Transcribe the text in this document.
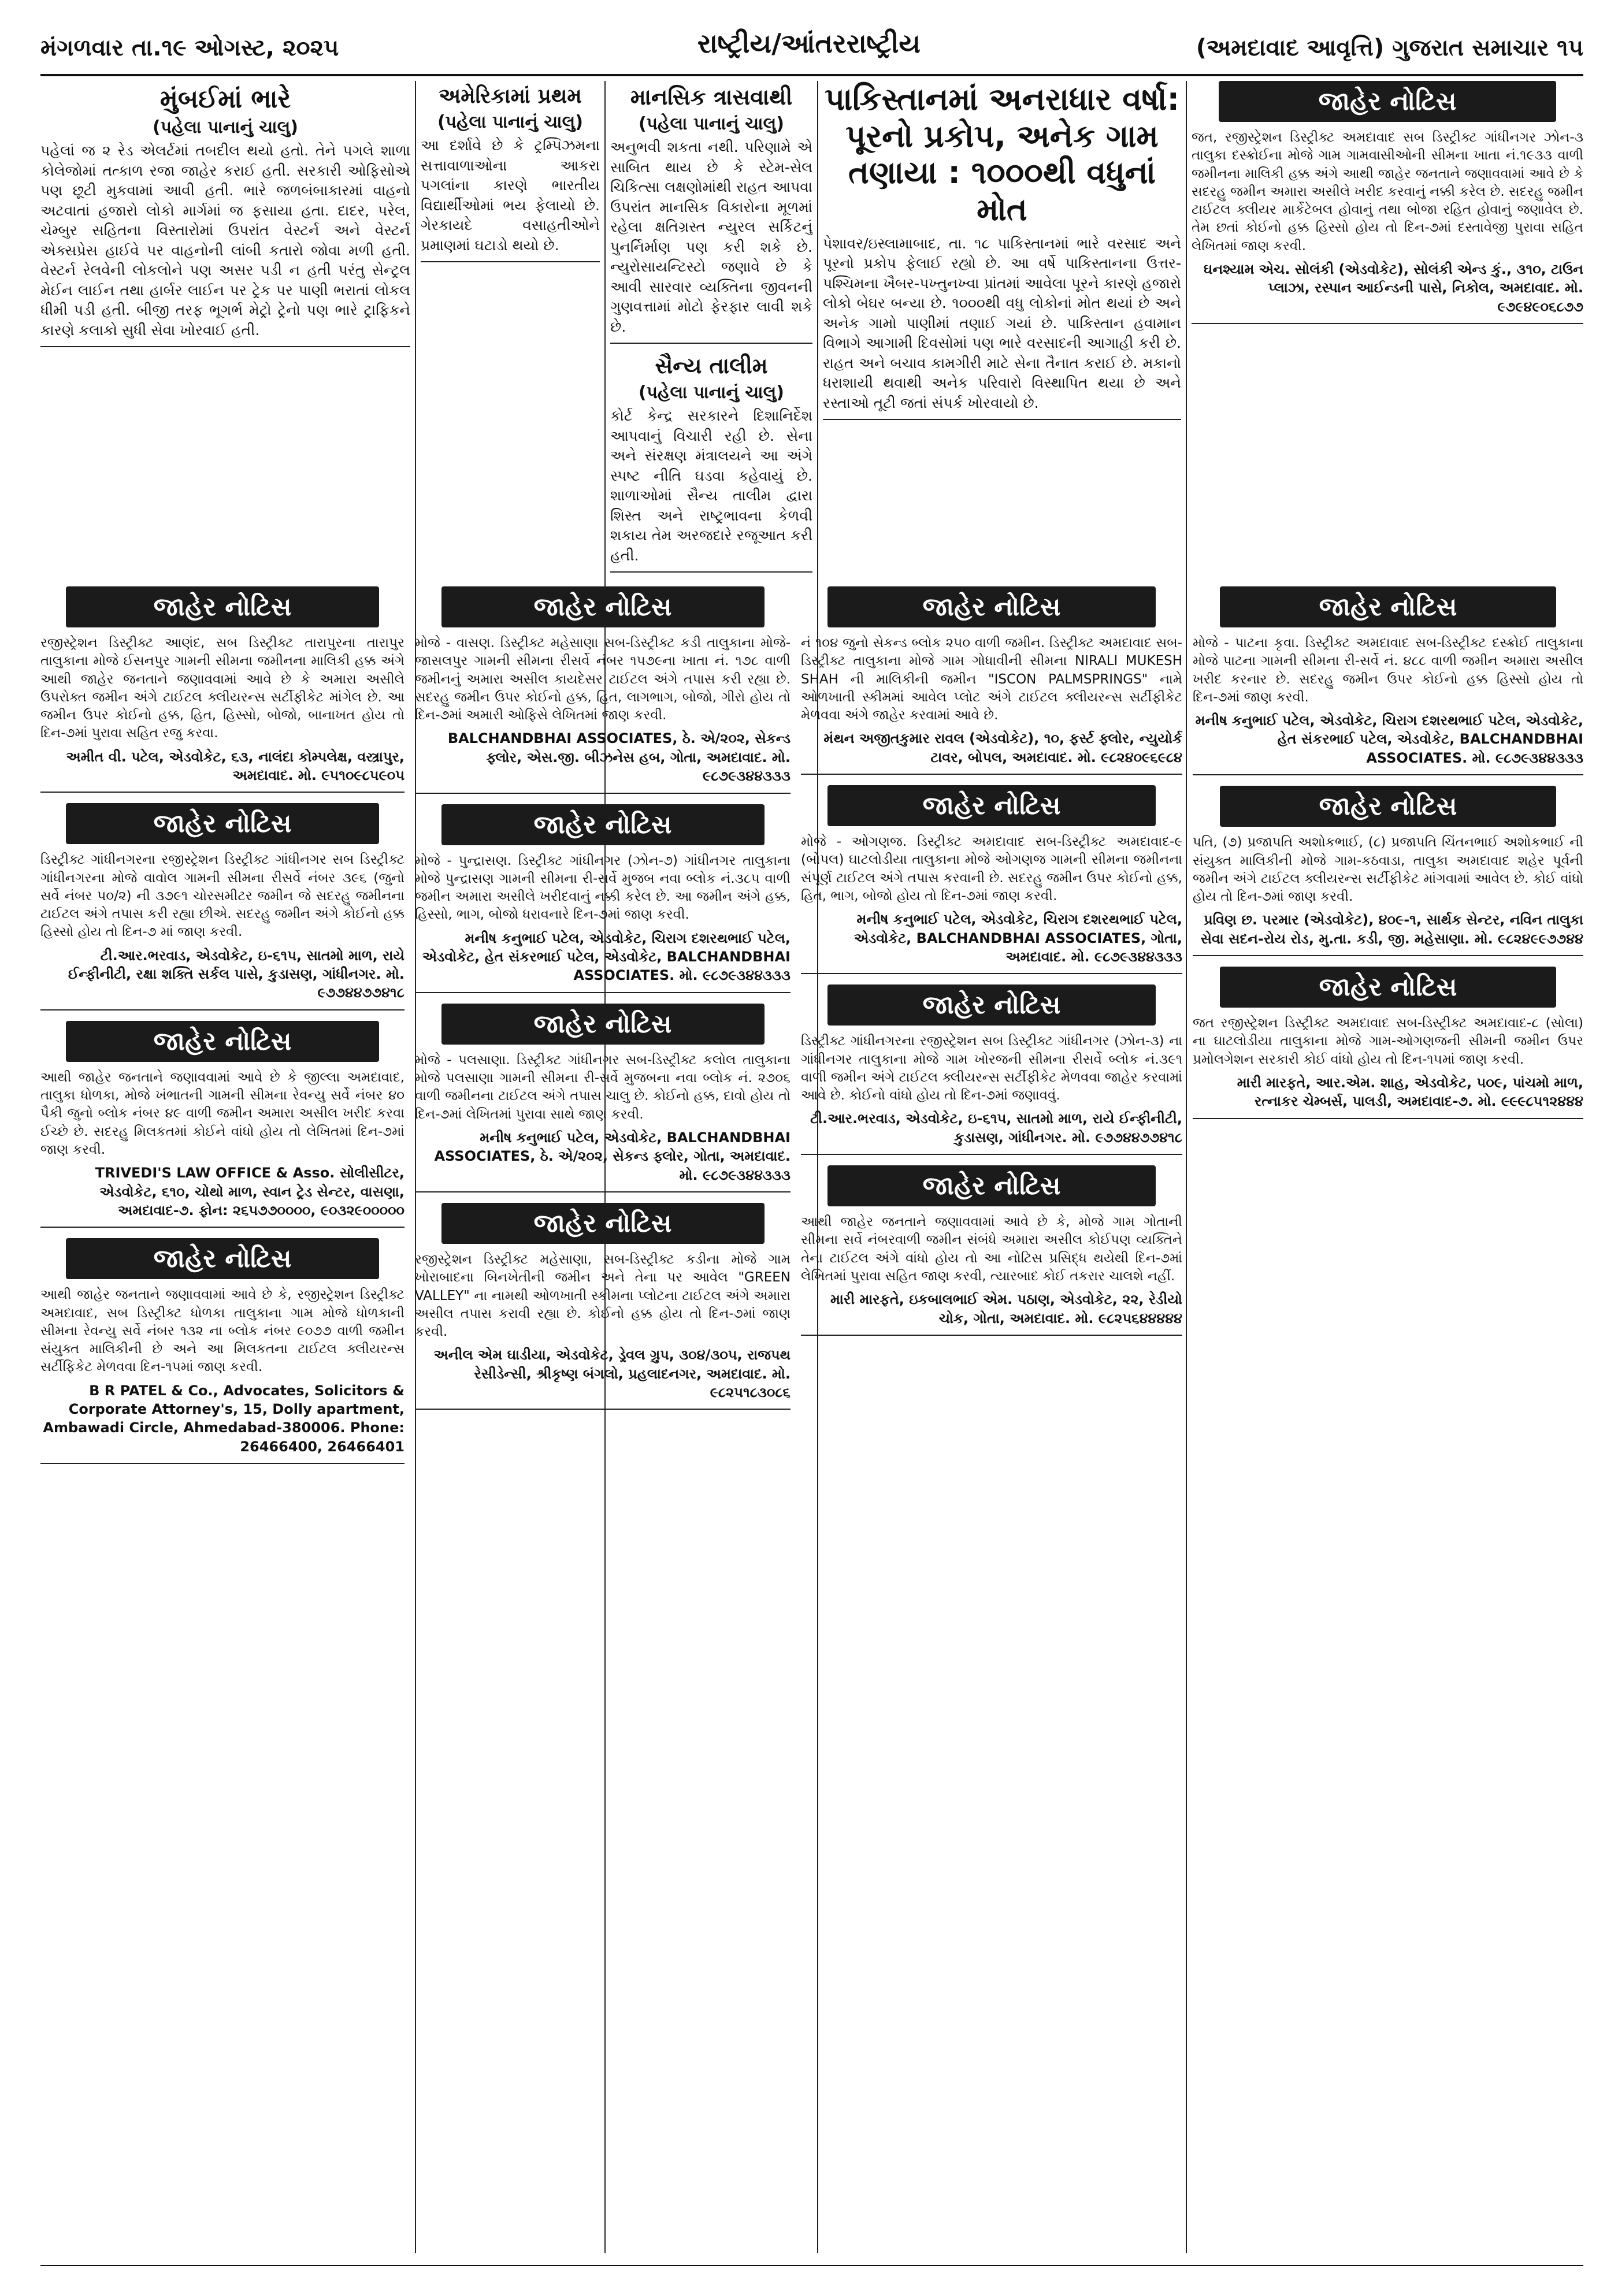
મંગળવાર તા.૧૯ ઓગસ્ટ, ૨૦૨૫	રાષ્ટ્રીય/આંતરરાષ્ટ્રીય	(અમદાવાદ આવૃત્તિ) ગુજરાત સમાચાર ૧૫
મુંબઈમાં ભારે
(પહેલા પાનાનું ચાલુ)
પહેલાં જ ૨ રેડ એલર્ટમાં તબદીલ થયો હતો. તેને પગલે શાળા કોલેજોમાં તત્કાળ રજા જાહેર કરાઈ હતી. સરકારી ઓફિસોએ પણ છૂટી મુકવામાં આવી હતી. ભારે જળબંબાકારમાં વાહનો અટવાતાં હજારો લોકો માર્ગમાં જ ફસાયા હતા. દાદર, પરેલ, ચેમ્બુર સહિતના વિસ્તારોમાં ઉપરાંત વેસ્ટર્ન અને વેસ્ટર્ન એક્સપ્રેસ હાઈવે પર વાહનોની લાંબી કતારો જોવા મળી હતી. વેસ્ટર્ન રેલવેની લોકલોને પણ અસર પડી ન હતી પરંતુ સેન્ટ્રલ મેઈન લાઈન તથા હાર્બર લાઈન પર ટ્રેક પર પાણી ભરાતાં લોકલ ધીમી પડી હતી. બીજી તરફ ભૂગર્ભ મેટ્રો ટ્રેનો પણ ભારે ટ્રાફિકને કારણે કલાકો સુધી સેવા ખોરવાઈ હતી.
અમેરિકામાં પ્રથમ
(પહેલા પાનાનું ચાલુ)
આ દર્શાવે છે કે ટ્રમ્પિઝમના સત્તાવાળાઓના આકરા પગલાંના કારણે ભારતીય વિદ્યાર્થીઓમાં ભય ફેલાયો છે. ગેરકાયદે વસાહતીઓને પ્રમાણમાં ઘટાડો થયો છે.
માનસિક ત્રાસવાથી
(પહેલા પાનાનું ચાલુ)
અનુભવી શકતા નથી. પરિણામે એ સાબિત થાય છે કે સ્ટેમ-સેલ ચિકિત્સા લક્ષણોમાંથી રાહત આપવા ઉપરાંત માનસિક વિકારોના મૂળમાં રહેલા ક્ષતિગ્રસ્ત ન્યુરલ સર્કિટનું પુનર્નિર્માણ પણ કરી શકે છે. ન્યુરોસાયન્ટિસ્ટો જણાવે છે કે આવી સારવાર વ્યક્તિના જીવનની ગુણવત્તામાં મોટો ફેરફાર લાવી શકે છે.
સૈન્ય તાલીમ
(પહેલા પાનાનું ચાલુ)
કોર્ટ કેન્દ્ર સરકારને દિશાનિર્દેશ આપવાનું વિચારી રહી છે. સેના અને સંરક્ષણ મંત્રાલયને આ અંગે સ્પષ્ટ નીતિ ઘડવા કહેવાયું છે. શાળાઓમાં સૈન્ય તાલીમ દ્વારા શિસ્ત અને રાષ્ટ્રભાવના કેળવી શકાય તેમ અરજદારે રજૂઆત કરી હતી.
પાકિસ્તાનમાં અનરાધાર વર્ષા: પૂરનો પ્રકોપ, અનેક ગામ તણાયા : ૧૦૦૦થી વધુનાં મોત
પેશાવર/ઇસ્લામાબાદ, તા. ૧૮ પાકિસ્તાનમાં ભારે વરસાદ અને પૂરનો પ્રકોપ ફેલાઈ રહ્યો છે. આ વર્ષે પાકિસ્તાનના ઉત્તર-પશ્ચિમના ખૈબર-પખ્તુનખ્વા પ્રાંતમાં આવેલા પૂરને કારણે હજારો લોકો બેઘર બન્યા છે. ૧૦૦૦થી વધુ લોકોનાં મોત થયાં છે અને અનેક ગામો પાણીમાં તણાઈ ગયાં છે. પાકિસ્તાન હવામાન વિભાગે આગામી દિવસોમાં પણ ભારે વરસાદની આગાહી કરી છે. રાહત અને બચાવ કામગીરી માટે સેના તૈનાત કરાઈ છે. મકાનો ધરાશાયી થવાથી અનેક પરિવારો વિસ્થાપિત થયા છે અને રસ્તાઓ તૂટી જતાં સંપર્ક ખોરવાયો છે.
જાહેર નોટિસ
જત, રજીસ્ટ્રેશન ડિસ્ટ્રીક્ટ અમદાવાદ સબ ડિસ્ટ્રીક્ટ ગાંધીનગર ઝોન-૩ તાલુકા દસ્ક્રોઈના મોજે ગામ ગામવાસીઓની સીમના ખાતા નં.૧૯૩૩ વાળી જમીનના માલિકી હક્ક અંગે આથી જાહેર જનતાને જણાવવામાં આવે છે કે સદરહુ જમીન અમારા અસીલે ખરીદ કરવાનું નક્કી કરેલ છે. સદરહુ જમીન ટાઈટલ ક્લીયર માર્કેટેબલ હોવાનું તથા બોજા રહિત હોવાનું જણાવેલ છે. તેમ છતાં કોઈનો હક્ક હિસ્સો હોય તો દિન-૭માં દસ્તાવેજી પુરાવા સહિત લેખિતમાં જાણ કરવી.
ઘનશ્યામ એચ. સોલંકી (એડવોકેટ), સોલંકી એન્ડ કું., ૩૧૦, ટાઉન પ્લાઝા, રસ્પાન આઈન્ડની પાસે, નિકોલ, અમદાવાદ. મો. ૯૭૯૪૯૦૬૮૭૭
જાહેર નોટિસ
રજીસ્ટ્રેશન ડિસ્ટ્રીક્ટ આણંદ, સબ ડિસ્ટ્રીક્ટ તારાપુરના તારાપુર તાલુકાના મોજે ઈસનપુર ગામની સીમના જમીનના માલિકી હક્ક અંગે આથી જાહેર જનતાને જણાવવામાં આવે છે કે અમારા અસીલે ઉપરોક્ત જમીન અંગે ટાઈટલ ક્લીયરન્સ સર્ટીફીકેટ માંગેલ છે. આ જમીન ઉપર કોઈનો હક્ક, હિત, હિસ્સો, બોજો, બાનાખત હોય તો દિન-૭માં પુરાવા સહિત રજુ કરવા.
અમીત વી. પટેલ, એડવોકેટ, ૬૩, નાલંદા કોમ્પલેક્ષ, વસ્ત્રાપુર, અમદાવાદ. મો. ૯૫૧૦૯૮૫૯૦૫
જાહેર નોટિસ
ડિસ્ટ્રીક્ટ ગાંધીનગરના રજીસ્ટ્રેશન ડિસ્ટ્રીક્ટ ગાંધીનગર સબ ડિસ્ટ્રીક્ટ ગાંધીનગરના મોજે વાવોલ ગામની સીમના રીસર્વે નંબર ૩૯૬ (જુનો સર્વે નંબર ૫૦/૨) ની ૩૭૯૧ ચોરસમીટર જમીન જે સદરહુ જમીનના ટાઈટલ અંગે તપાસ કરી રહ્યા છીએ. સદરહુ જમીન અંગે કોઈનો હક્ક હિસ્સો હોય તો દિન-૭ માં જાણ કરવી.
ટી.આર.ભરવાડ, એડવોકેટ, ઇ-૬૧૫, સાતમો માળ, રાયે ઈન્ફીનીટી, રક્ષા શક્તિ સર્કલ પાસે, કુડાસણ, ગાંધીનગર. મો. ૯૭૭૪૪૭૭૪૧૮
જાહેર નોટિસ
આથી જાહેર જનતાને જણાવવામાં આવે છે કે જીલ્લા અમદાવાદ, તાલુકા ધોળકા, મોજે ખંભાતની ગામની સીમના રેવન્યુ સર્વે નંબર ૪૦ પૈકી જુનો બ્લોક નંબર ૪૯ વાળી જમીન અમારા અસીલ ખરીદ કરવા ઈચ્છે છે. સદરહુ મિલકતમાં કોઈને વાંધો હોય તો લેખિતમાં દિન-૭માં જાણ કરવી.
TRIVEDI'S LAW OFFICE & Asso. સોલીસીટર, એડવોકેટ, ૬૧૦, ચોથો માળ, સ્વાન ટ્રેડ સેન્ટર, વાસણા, અમદાવાદ-૭. ફોન: ૨૬૫૭૭૦૦૦૦, ૯૦૩૨૯૦૦૦૦૦
જાહેર નોટિસ
આથી જાહેર જનતાને જણાવવામાં આવે છે કે, રજીસ્ટ્રેશન ડિસ્ટ્રીક્ટ અમદાવાદ, સબ ડિસ્ટ્રીક્ટ ધોળકા તાલુકાના ગામ મોજે ધોળકાની સીમના રેવન્યુ સર્વે નંબર ૧૩૨ ના બ્લોક નંબર ૯૦૭૭ વાળી જમીન સંયુક્ત માલિકીની છે અને આ મિલકતના ટાઈટલ ક્લીયરન્સ સર્ટીફિકેટ મેળવવા દિન-૧૫માં જાણ કરવી.
B R PATEL & Co., Advocates, Solicitors & Corporate Attorney's, 15, Dolly apartment, Ambawadi Circle, Ahmedabad-380006. Phone: 26466400, 26466401
જાહેર નોટિસ
મોજે - વાસણ. ડિસ્ટ્રીક્ટ મહેસાણા સબ-ડિસ્ટ્રીક્ટ કડી તાલુકાના મોજે-જાસલપુર ગામની સીમના રીસર્વે નંબર ૧૫૭૯ના ખાતા નં. ૧૭૮ વાળી જમીનનું અમારા અસીલ કાયદેસર ટાઈટલ અંગે તપાસ કરી રહ્યા છે. સદરહુ જમીન ઉપર કોઈનો હક્ક, હિત, લાગભાગ, બોજો, ગીરો હોય તો દિન-૭માં અમારી ઓફિસે લેખિતમાં જાણ કરવી.
BALCHANDBHAI ASSOCIATES, ઠે. એ/૨૦૨, સેકન્ડ ફ્લોર, એસ.જી. બીઝનેસ હબ, ગોતા, અમદાવાદ. મો. ૯૮૭૯૩૪૪૩૩૩
જાહેર નોટિસ
મોજે - પુન્દ્રાસણ. ડિસ્ટ્રીક્ટ ગાંધીનગર (ઝોન-૭) ગાંધીનગર તાલુકાના મોજે પુન્દ્રાસણ ગામની સીમના રી-સર્વે મુજબ નવા બ્લોક નં.૩૮૫ વાળી જમીન અમારા અસીલે ખરીદવાનું નક્કી કરેલ છે. આ જમીન અંગે હક્ક, હિસ્સો, ભાગ, બોજો ધરાવનારે દિન-૭માં જાણ કરવી.
મનીષ કનુભાઈ પટેલ, એડવોકેટ, ચિરાગ દશરથભાઈ પટેલ, એડવોકેટ, હેત સંકરભાઈ પટેલ, એડવોકેટ, BALCHANDBHAI ASSOCIATES. મો. ૯૮૭૯૩૪૪૩૩૩
જાહેર નોટિસ
મોજે - પલસાણા. ડિસ્ટ્રીક્ટ ગાંધીનગર સબ-ડિસ્ટ્રીક્ટ કલોલ તાલુકાના મોજે પલસાણા ગામની સીમના રી-સર્વે મુજબના નવા બ્લોક નં. ૨૭૦૬ વાળી જમીનના ટાઈટલ અંગે તપાસ ચાલુ છે. કોઈનો હક્ક, દાવો હોય તો દિન-૭માં લેખિતમાં પુરાવા સાથે જાણ કરવી.
મનીષ કનુભાઈ પટેલ, એડવોકેટ, BALCHANDBHAI ASSOCIATES, ઠે. એ/૨૦૨, સેકન્ડ ફ્લોર, ગોતા, અમદાવાદ. મો. ૯૮૭૯૩૪૪૩૩૩
જાહેર નોટિસ
રજીસ્ટ્રેશન ડિસ્ટ્રીક્ટ મહેસાણા, સબ-ડિસ્ટ્રીક્ટ કડીના મોજે ગામ ખોરાબાદના બિનખેતીની જમીન અને તેના પર આવેલ "GREEN VALLEY" ના નામથી ઓળખાતી સ્કીમના પ્લોટના ટાઈટલ અંગે અમારા અસીલ તપાસ કરાવી રહ્યા છે. કોઈનો હક્ક હોય તો દિન-૭માં જાણ કરવી.
અનીલ એમ ઘાડીયા, એડવોકેટ, ડ્રેવલ ગ્રુપ, ૩૦૪/૩૦૫, રાજપથ રેસીડેન્સી, શ્રીકૃષ્ણ બંગલો, પ્રહલાદનગર, અમદાવાદ. મો. ૯૮૨૫૧૮૩૦૮૬
જાહેર નોટિસ
નં ૧૦૪ જુનો સેકન્ડ બ્લોક ૨૫૦ વાળી જમીન. ડિસ્ટ્રીક્ટ અમદાવાદ સબ-ડિસ્ટ્રીક્ટ તાલુકાના મોજે ગામ ગોધાવીની સીમના NIRALI MUKESH SHAH ની માલિકીની જમીન "ISCON PALMSPRINGS" નામે ઓળખાતી સ્કીમમાં આવેલ પ્લોટ અંગે ટાઈટલ ક્લીયરન્સ સર્ટીફીકેટ મેળવવા અંગે જાહેર કરવામાં આવે છે.
મંથન અજીતકુમાર રાવલ (એડવોકેટ), ૧૦, ફર્સ્ટ ફ્લોર, ન્યુયોર્ક ટાવર, બોપલ, અમદાવાદ. મો. ૯૮૨૪૦૯૬૯૮૪
જાહેર નોટિસ
મોજે - ઓગણજ. ડિસ્ટ્રીક્ટ અમદાવાદ સબ-ડિસ્ટ્રીક્ટ અમદાવાદ-૯ (બોપલ) ઘાટલોડીયા તાલુકાના મોજે ઓગણજ ગામની સીમના જમીનના સંપૂર્ણ ટાઈટલ અંગે તપાસ કરવાની છે. સદરહુ જમીન ઉપર કોઈનો હક્ક, હિત, ભાગ, બોજો હોય તો દિન-૭માં જાણ કરવી.
મનીષ કનુભાઈ પટેલ, એડવોકેટ, ચિરાગ દશરથભાઈ પટેલ, એડવોકેટ, BALCHANDBHAI ASSOCIATES, ગોતા, અમદાવાદ. મો. ૯૮૭૯૩૪૪૩૩૩
જાહેર નોટિસ
ડિસ્ટ્રીક્ટ ગાંધીનગરના રજીસ્ટ્રેશન સબ ડિસ્ટ્રીક્ટ ગાંધીનગર (ઝોન-૩) ના ગાંધીનગર તાલુકાના મોજે ગામ ખોરજની સીમના રીસર્વે બ્લોક નં.૩૯૧ વાળી જમીન અંગે ટાઈટલ ક્લીયરન્સ સર્ટીફીકેટ મેળવવા જાહેર કરવામાં આવે છે. કોઈનો વાંધો હોય તો દિન-૭માં જણાવવું.
ટી.આર.ભરવાડ, એડવોકેટ, ઇ-૬૧૫, સાતમો માળ, રાયે ઈન્ફીનીટી, કુડાસણ, ગાંધીનગર. મો. ૯૭૭૪૪૭૭૪૧૮
જાહેર નોટિસ
આથી જાહેર જનતાને જણાવવામાં આવે છે કે, મોજે ગામ ગોતાની સીમના સર્વે નંબરવાળી જમીન સંબંધે અમારા અસીલ કોઈપણ વ્યક્તિને તેના ટાઈટલ અંગે વાંધો હોય તો આ નોટિસ પ્રસિદ્ધ થયેથી દિન-૭માં લેખિતમાં પુરાવા સહિત જાણ કરવી, ત્યારબાદ કોઈ તકરાર ચાલશે નહીં.
મારી મારફતે, ઇકબાલભાઈ એમ. પઠાણ, એડવોકેટ, ૨૨, રેડીયો ચોક, ગોતા, અમદાવાદ. મો. ૯૮૨૫૬૪૪૪૪૪
જાહેર નોટિસ
મોજે - પાટના કૃવા. ડિસ્ટ્રીક્ટ અમદાવાદ સબ-ડિસ્ટ્રીક્ટ દસ્ક્રોઈ તાલુકાના મોજે પાટના ગામની સીમના રી-સર્વે નં. ૪૮૮ વાળી જમીન અમારા અસીલ ખરીદ કરનાર છે. સદરહુ જમીન ઉપર કોઈનો હક્ક હિસ્સો હોય તો દિન-૭માં જાણ કરવી.
મનીષ કનુભાઈ પટેલ, એડવોકેટ, ચિરાગ દશરથભાઈ પટેલ, એડવોકેટ, હેત સંકરભાઈ પટેલ, એડવોકેટ, BALCHANDBHAI ASSOCIATES. મો. ૯૮૭૯૩૪૪૩૩૩
જાહેર નોટિસ
પતિ, (૭) પ્રજાપતિ અશોકભાઈ, (૮) પ્રજાપતિ ચિંતનભાઈ અશોકભાઈ ની સંયુક્ત માલિકીની મોજે ગામ-કઠવાડા, તાલુકા અમદાવાદ શહેર પૂર્વની જમીન અંગે ટાઈટલ ક્લીયરન્સ સર્ટીફીકેટ માંગવામાં આવેલ છે. કોઈ વાંધો હોય તો દિન-૭માં જાણ કરવી.
પ્રવિણ છ. પરમાર (એડવોકેટ), ૪૦૯-૧, સાર્થક સેન્ટર, નવિન તાલુકા સેવા સદન-રોય રોડ, મુ.તા. કડી, જી. મહેસાણા. મો. ૯૮૨૪૯૯૭૭૪૪
જાહેર નોટિસ
જત રજીસ્ટ્રેશન ડિસ્ટ્રીક્ટ અમદાવાદ સબ-ડિસ્ટ્રીક્ટ અમદાવાદ-૮ (સોલા) ના ઘાટલોડીયા તાલુકાના મોજે ગામ-ઓગણજની સીમની જમીન ઉપર પ્રમોલગેશન સરકારી કોઈ વાંધો હોય તો દિન-૧૫માં જાણ કરવી.
મારી મારફતે, આર.એમ. શાહ, એડવોકેટ, ૫૦૯, પાંચમો માળ, રત્નાકર ચેમ્બર્સ, પાલડી, અમદાવાદ-૭. મો. ૯૯૯૮૫૧૨૪૪૪
